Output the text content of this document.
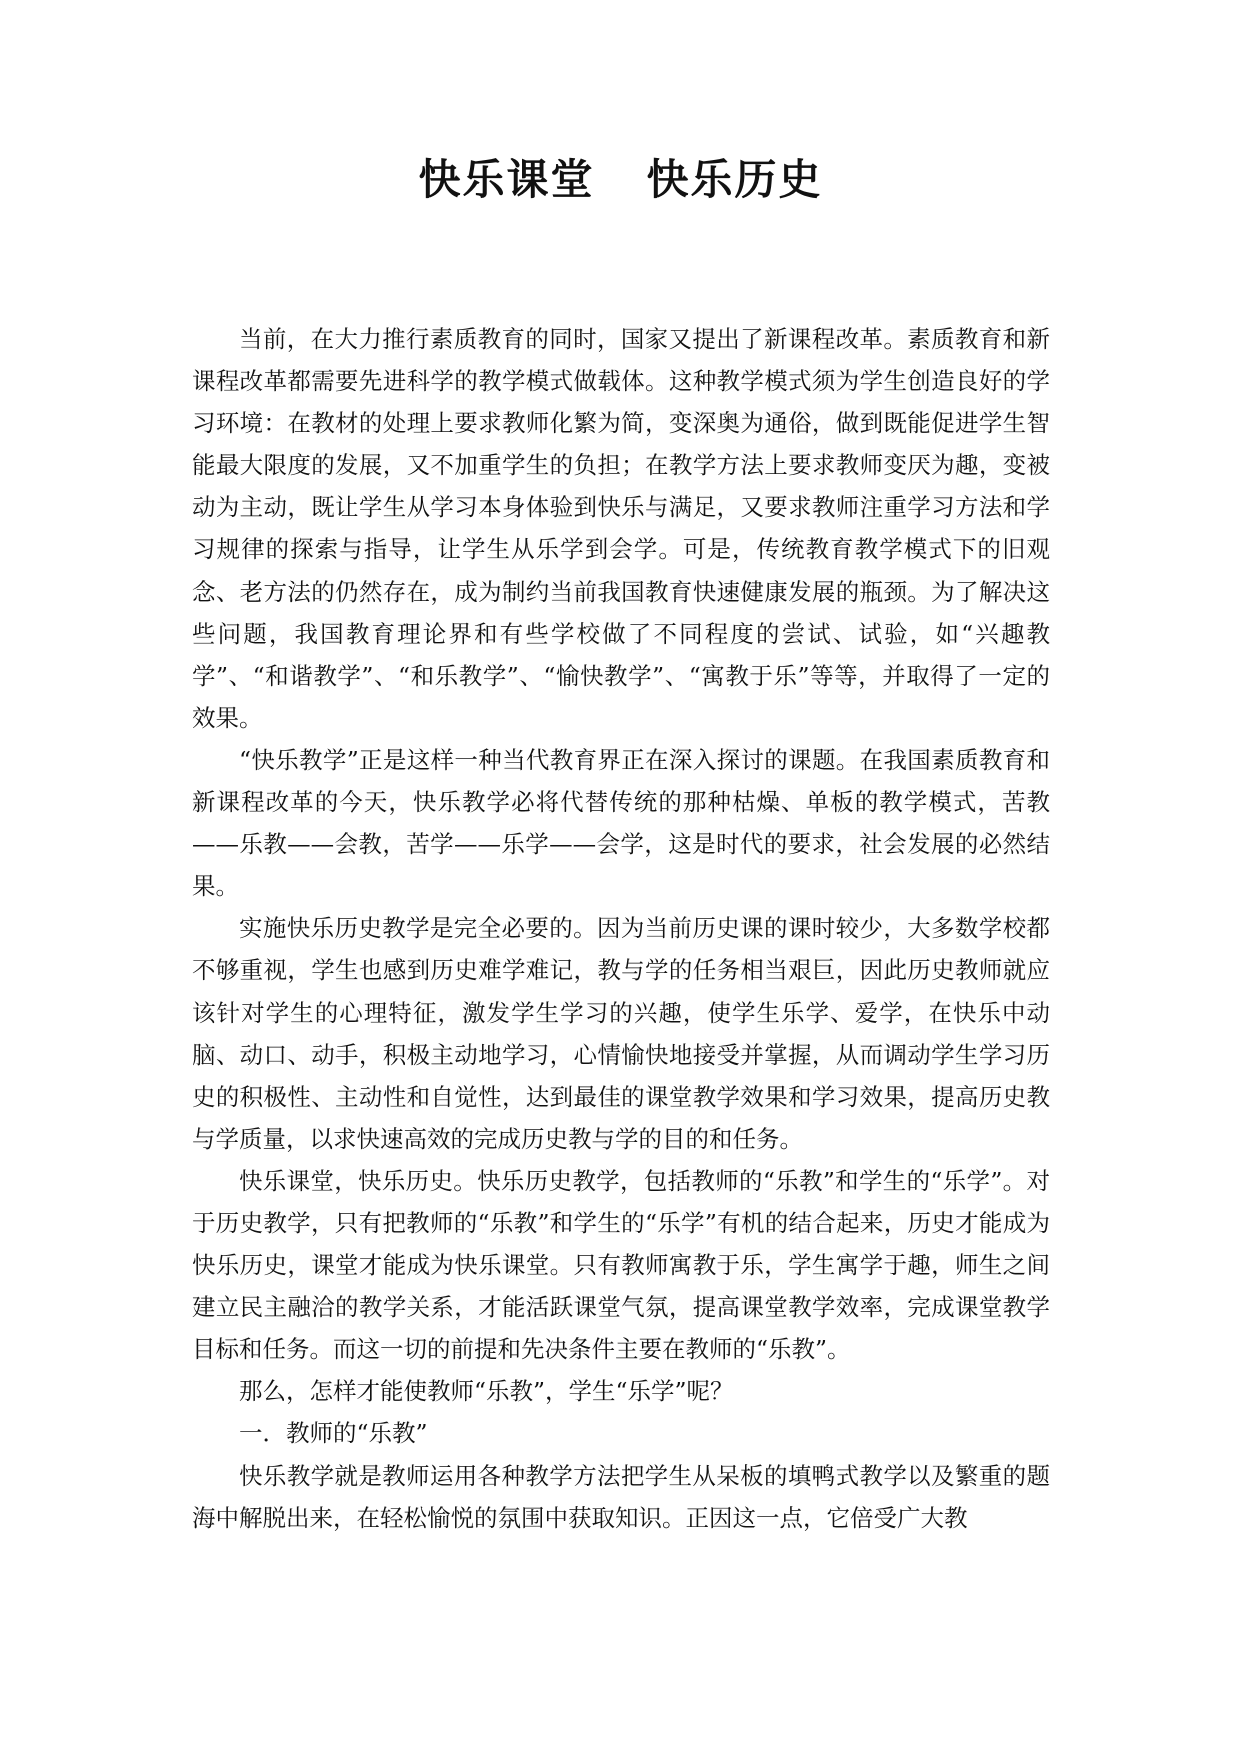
快乐课堂 快乐历史

当前，在大力推行素质教育的同时，国家又提出了新课程改革。素质教育和新课程改革都需要先进科学的教学模式做载体。这种教学模式须为学生创造良好的学习环境：在教材的处理上要求教师化繁为简，变深奥为通俗，做到既能促进学生智能最大限度的发展，又不加重学生的负担；在教学方法上要求教师变厌为趣，变被动为主动，既让学生从学习本身体验到快乐与满足，又要求教师注重学习方法和学习规律的探索与指导，让学生从乐学到会学。可是，传统教育教学模式下的旧观念、老方法的仍然存在，成为制约当前我国教育快速健康发展的瓶颈。为了解决这些问题，我国教育理论界和有些学校做了不同程度的尝试、试验，如“兴趣教学”、“和谐教学”、“和乐教学”、“愉快教学”、“寓教于乐”等等，并取得了一定的效果。

“快乐教学”正是这样一种当代教育界正在深入探讨的课题。在我国素质教育和新课程改革的今天，快乐教学必将代替传统的那种枯燥、单板的教学模式，苦教——乐教——会教，苦学——乐学——会学，这是时代的要求，社会发展的必然结果。

实施快乐历史教学是完全必要的。因为当前历史课的课时较少，大多数学校都不够重视，学生也感到历史难学难记，教与学的任务相当艰巨，因此历史教师就应该针对学生的心理特征，激发学生学习的兴趣，使学生乐学、爱学，在快乐中动脑、动口、动手，积极主动地学习，心情愉快地接受并掌握，从而调动学生学习历史的积极性、主动性和自觉性，达到最佳的课堂教学效果和学习效果，提高历史教与学质量，以求快速高效的完成历史教与学的目的和任务。

快乐课堂，快乐历史。快乐历史教学，包括教师的“乐教”和学生的“乐学”。对于历史教学，只有把教师的“乐教”和学生的“乐学”有机的结合起来，历史才能成为快乐历史，课堂才能成为快乐课堂。只有教师寓教于乐，学生寓学于趣，师生之间建立民主融洽的教学关系，才能活跃课堂气氛，提高课堂教学效率，完成课堂教学目标和任务。而这一切的前提和先决条件主要在教师的“乐教”。

那么，怎样才能使教师“乐教”，学生“乐学”呢？

一．教师的“乐教”

快乐教学就是教师运用各种教学方法把学生从呆板的填鸭式教学以及繁重的题海中解脱出来，在轻松愉悦的氛围中获取知识。正因这一点，它倍受广大教
